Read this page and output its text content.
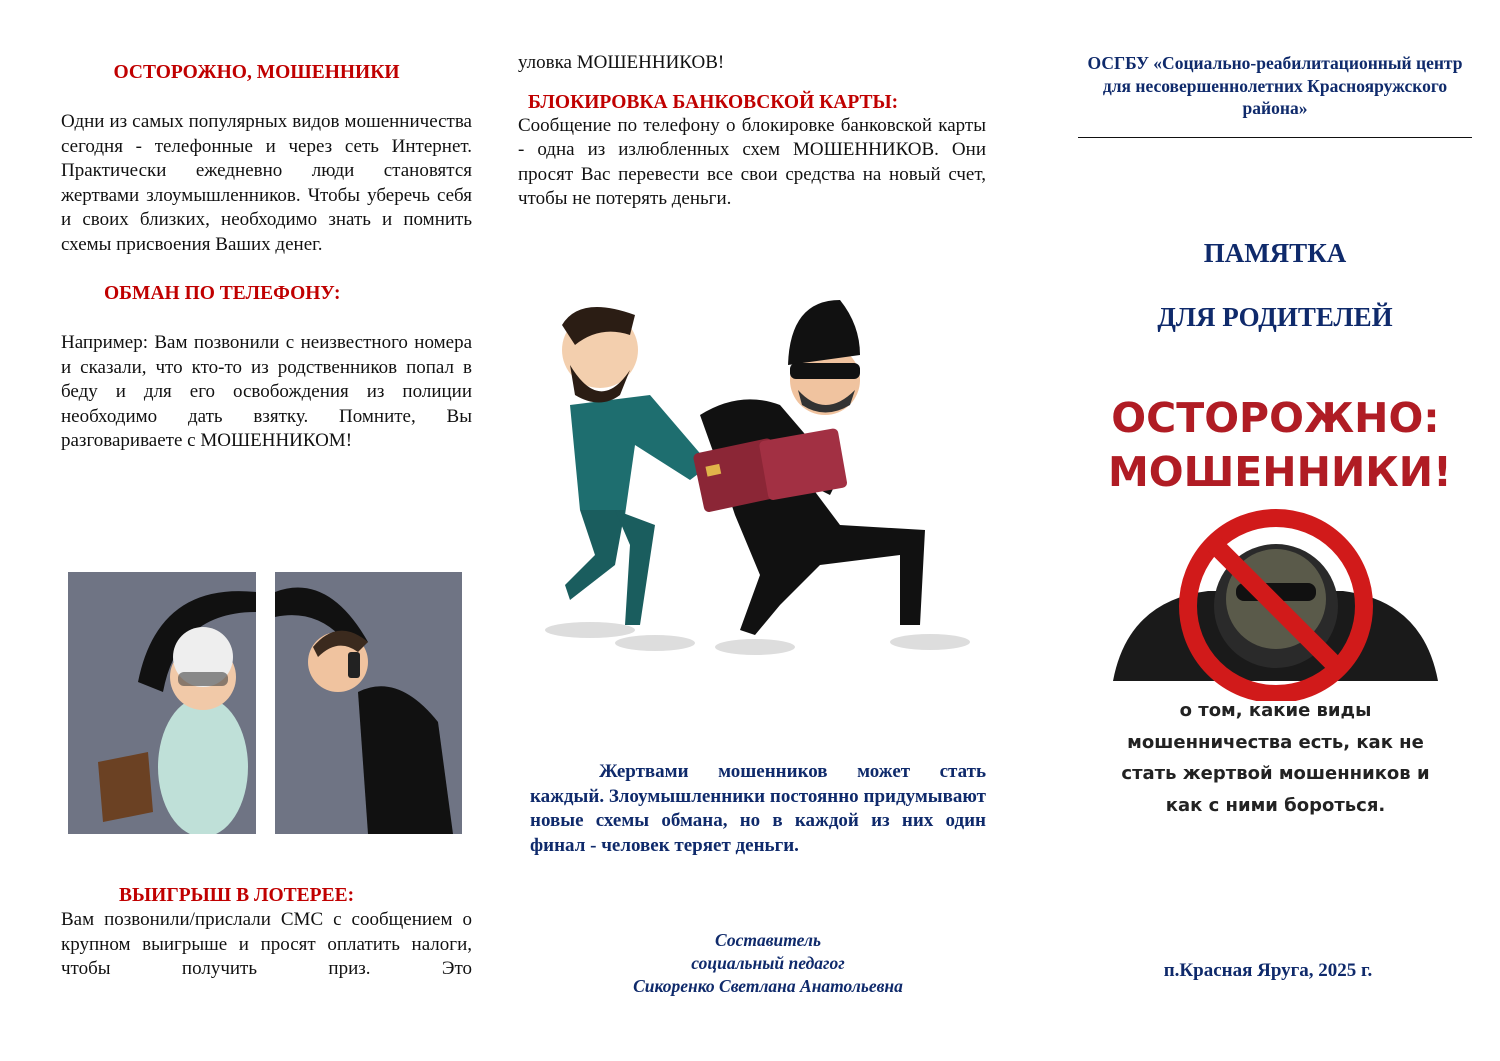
ОСТОРОЖНО, МОШЕННИКИ

Одни из самых популярных видов мошенничества сегодня - телефонные и через сеть Интернет. Практически ежедневно люди становятся жертвами злоумышленников. Чтобы уберечь себя и своих близких, необходимо знать и помнить схемы присвоения Ваших денег.

ОБМАН ПО ТЕЛЕФОНУ:

Например: Вам позвонили с неизвестного номера и сказали, что кто-то из родственников попал в беду и для его освобождения из полиции необходимо дать взятку. Помните, Вы разговариваете с МОШЕННИКОМ!

ВЫИГРЫШ В ЛОТЕРЕЕ:

Вам позвонили/прислали СМС с сообщением о крупном выигрыше и просят оплатить налоги, чтобы получить приз. Это

уловка МОШЕННИКОВ!

БЛОКИРОВКА БАНКОВСКОЙ КАРТЫ:

Сообщение по телефону о блокировке банковской карты - одна из излюбленных схем МОШЕННИКОВ. Они просят Вас перевести все свои средства на новый счет, чтобы не потерять деньги.

Жертвами мошенников может стать каждый. Злоумышленники постоянно придумывают новые схемы обмана, но в каждой из них один финал - человек теряет деньги.

Составитель
социальный педагог
Сикоренко Светлана Анатольевна
ОСГБУ «Социально-реабилитационный центр для несовершеннолетних Краснояружского района»
ПАМЯТКА
ДЛЯ РОДИТЕЛЕЙ
ОСТОРОЖНО:
МОШЕННИКИ!
о том, какие виды мошенничества есть, как не стать жертвой мошенников и как с ними бороться.
п.Красная Яруга, 2025 г.
